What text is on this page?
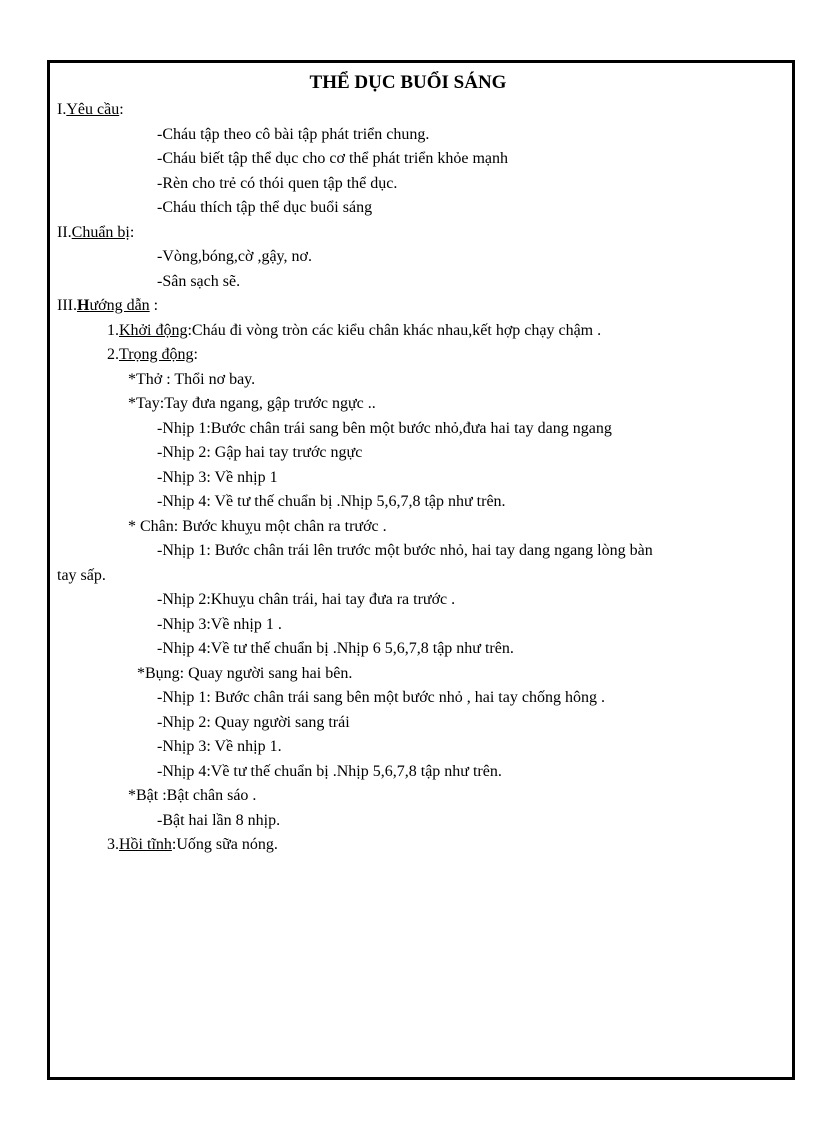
THỂ DỤC BUỔI SÁNG
I.Yêu cầu:
-Cháu tập theo cô bài tập phát triển chung.
-Cháu biết tập thể dục cho cơ thể phát triển khỏe mạnh
-Rèn cho trẻ có thói quen tập thể dục.
-Cháu thích tập thể dục buổi sáng
II.Chuẩn bị:
-Vòng,bóng,cờ ,gậy, nơ.
-Sân sạch sẽ.
III.Hướng dẫn :
1.Khởi động:Cháu đi vòng tròn các kiểu chân khác nhau,kết hợp chạy chậm .
2.Trọng động:
*Thở : Thổi nơ bay.
*Tay:Tay đưa ngang, gập trước ngực ..
-Nhịp 1:Bước chân trái sang bên một bước nhỏ,đưa hai tay dang ngang
-Nhịp 2: Gập hai tay trước ngực
-Nhịp 3: Về nhịp 1
-Nhịp 4: Về tư thế chuẩn bị .Nhịp 5,6,7,8 tập như trên.
* Chân: Bước khuỵu một chân ra trước .
-Nhịp 1: Bước chân trái lên trước một bước nhỏ, hai tay dang ngang lòng bàn
tay sấp.
-Nhịp 2:Khuỵu chân trái, hai tay đưa ra trước .
-Nhịp 3:Về nhịp 1 .
-Nhịp 4:Về tư thế chuẩn bị .Nhịp 6 5,6,7,8 tập như trên.
*Bụng: Quay người sang hai bên.
-Nhịp 1: Bước chân trái sang bên một bước nhỏ , hai tay chống hông .
-Nhịp 2: Quay người sang trái
-Nhịp 3: Về nhịp 1.
-Nhịp 4:Về tư thế chuẩn bị .Nhịp 5,6,7,8 tập như trên.
*Bật :Bật chân sáo .
-Bật hai lần 8 nhịp.
3.Hồi tĩnh:Uống sữa nóng.
